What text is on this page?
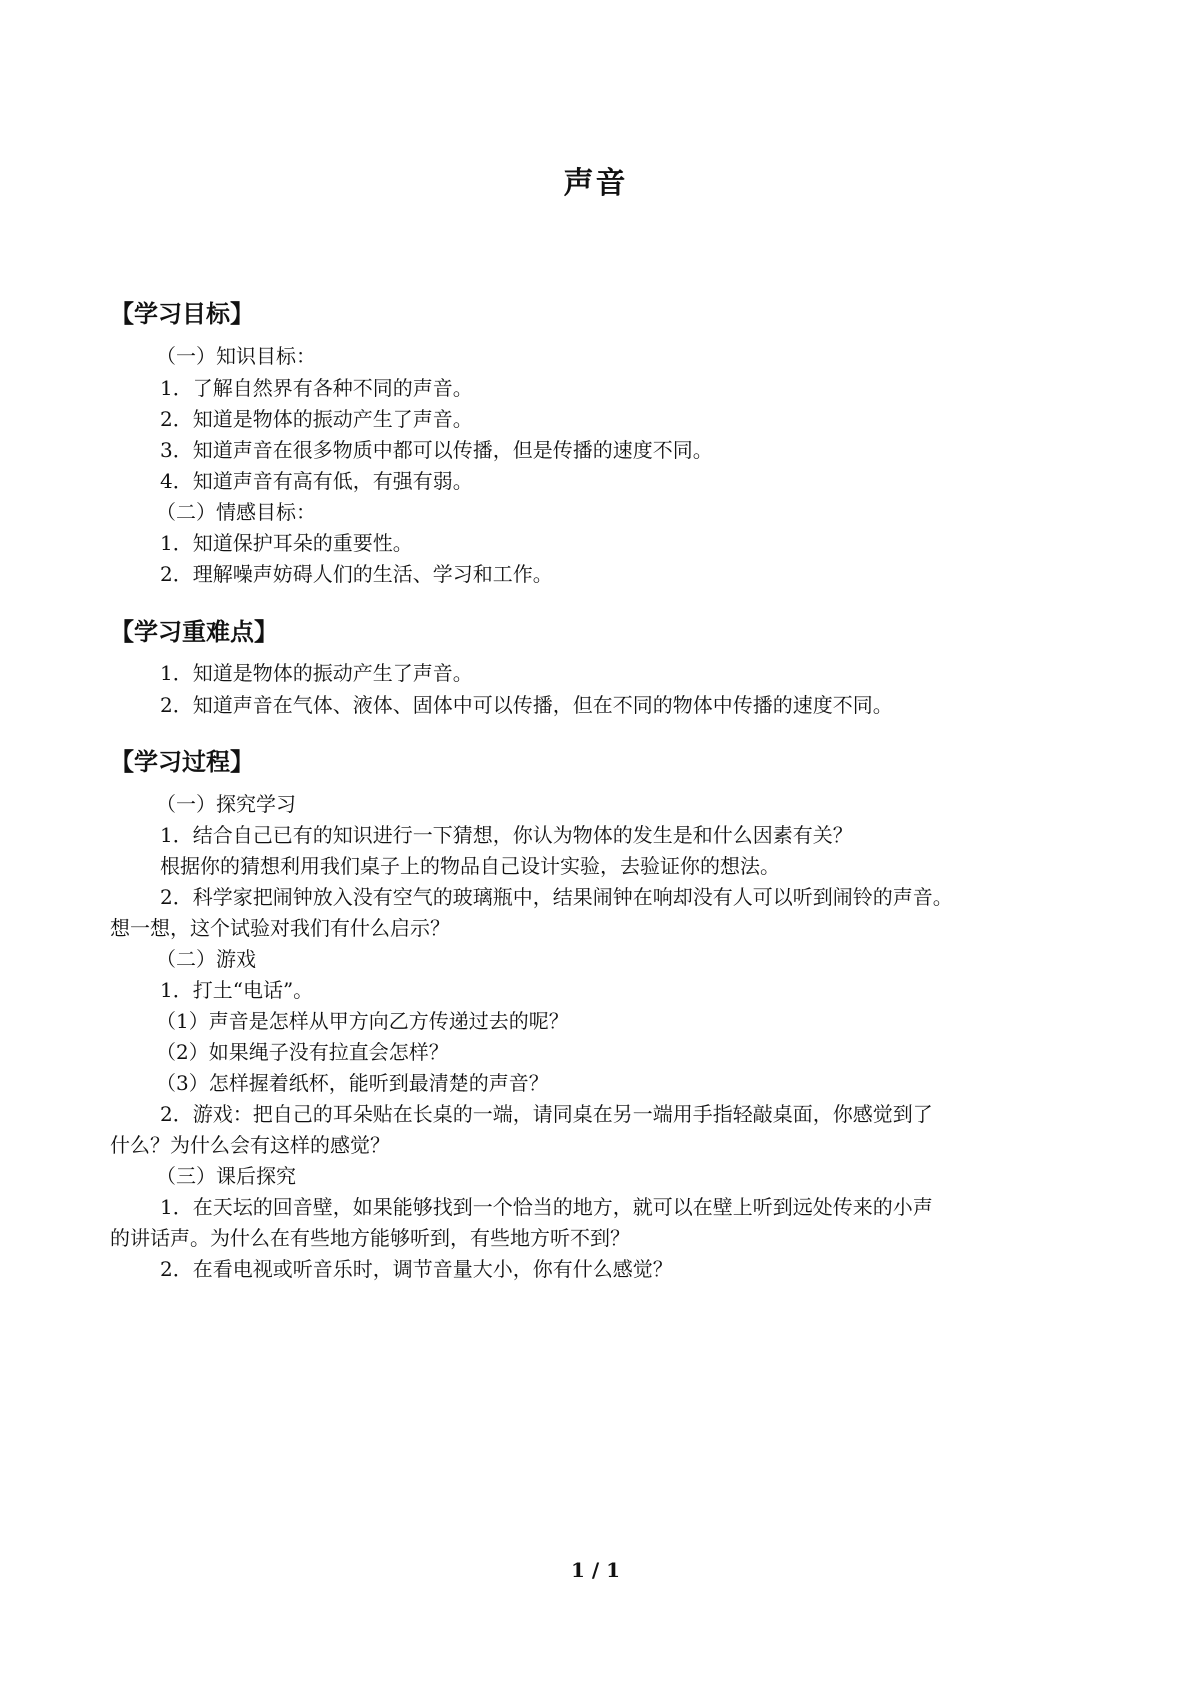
声音
【学习目标】
（一）知识目标：
1．了解自然界有各种不同的声音。
2．知道是物体的振动产生了声音。
3．知道声音在很多物质中都可以传播，但是传播的速度不同。
4．知道声音有高有低，有强有弱。
（二）情感目标：
1．知道保护耳朵的重要性。
2．理解噪声妨碍人们的生活、学习和工作。
【学习重难点】
1．知道是物体的振动产生了声音。
2．知道声音在气体、液体、固体中可以传播，但在不同的物体中传播的速度不同。
【学习过程】
（一）探究学习
1．结合自己已有的知识进行一下猜想，你认为物体的发生是和什么因素有关？
根据你的猜想利用我们桌子上的物品自己设计实验，去验证你的想法。
2．科学家把闹钟放入没有空气的玻璃瓶中，结果闹钟在响却没有人可以听到闹铃的声音。
想一想，这个试验对我们有什么启示？
（二）游戏
1．打土“电话”。
（1）声音是怎样从甲方向乙方传递过去的呢？
（2）如果绳子没有拉直会怎样？
（3）怎样握着纸杯，能听到最清楚的声音？
2．游戏：把自己的耳朵贴在长桌的一端，请同桌在另一端用手指轻敲桌面，你感觉到了
什么？为什么会有这样的感觉？
（三）课后探究
1．在天坛的回音壁，如果能够找到一个恰当的地方，就可以在壁上听到远处传来的小声
的讲话声。为什么在有些地方能够听到，有些地方听不到？
2．在看电视或听音乐时，调节音量大小，你有什么感觉？
1 / 1
